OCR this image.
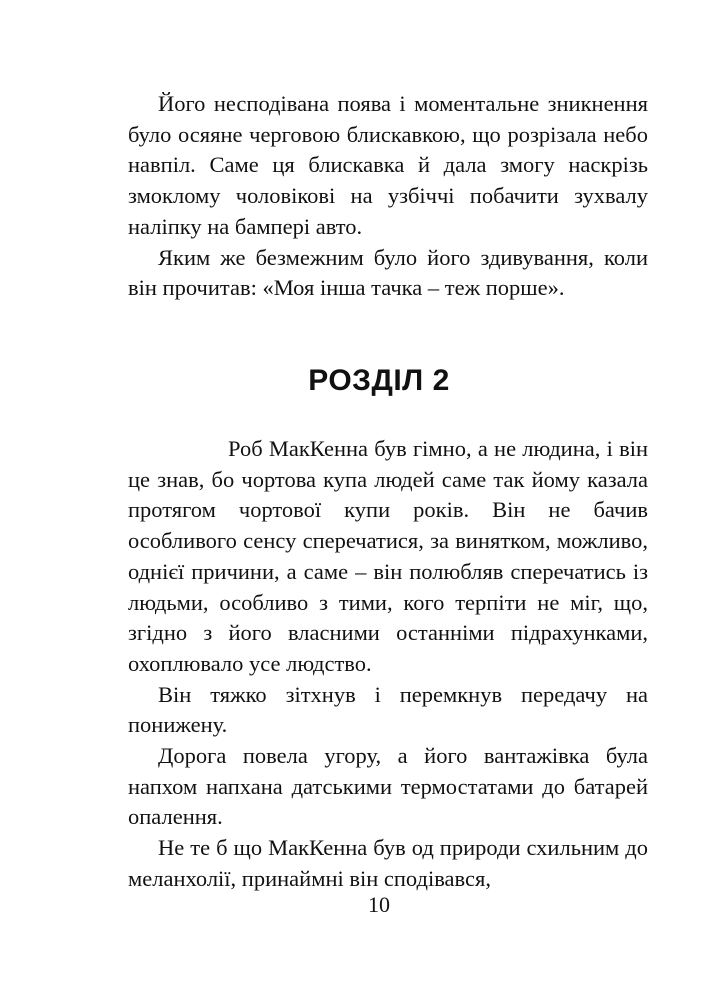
Його несподівана поява і моментальне зникнення було осяяне черговою блискавкою, що розрізала небо навпіл. Саме ця блискавка й дала змогу наскрізь змоклому чоловікові на узбіччі побачити зухвалу наліпку на бампері авто.

Яким же безмежним було його здивування, коли він прочитав: «Моя інша тачка – теж порше».

РОЗДІЛ 2

Роб МакКенна був гімно, а не людина, і він це знав, бо чортова купа людей саме так йому казала протягом чортової купи років. Він не бачив особливого сенсу сперечатися, за винятком, можливо, однієї причини, а саме – він полюбляв сперечатись із людьми, особливо з тими, кого терпіти не міг, що, згідно з його власними останніми підрахунками, охоплювало усе людство.

Він тяжко зітхнув і перемкнув передачу на понижену.

Дорога повела угору, а його вантажівка була напхом напхана датськими термостатами до батарей опалення.

Не те б що МакКенна був од природи схильним до меланхолії, принаймні він сподівався,

10
